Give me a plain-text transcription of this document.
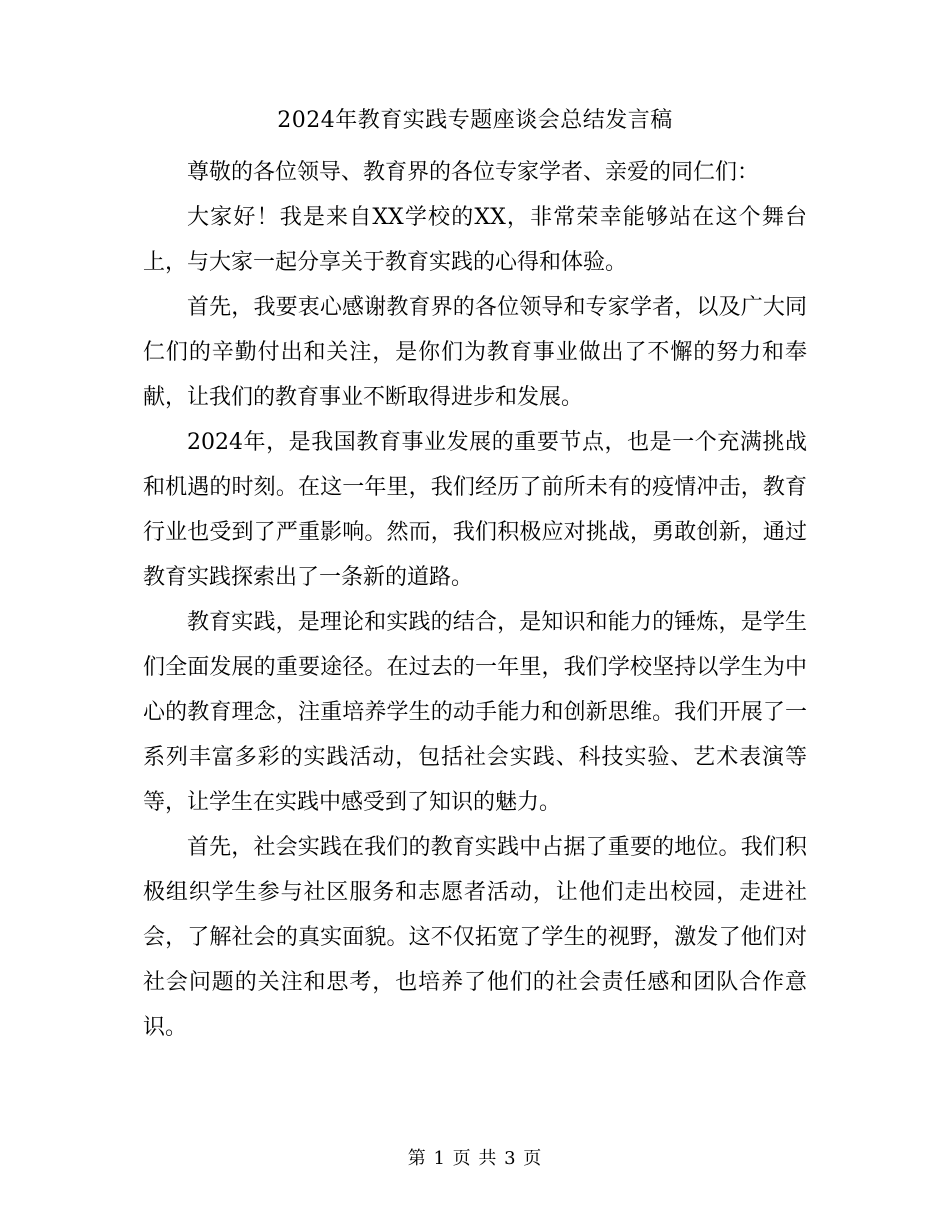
2024年教育实践专题座谈会总结发言稿

尊敬的各位领导、教育界的各位专家学者、亲爱的同仁们：

大家好！我是来自XX学校的XX，非常荣幸能够站在这个舞台上，与大家一起分享关于教育实践的心得和体验。

首先，我要衷心感谢教育界的各位领导和专家学者，以及广大同仁们的辛勤付出和关注，是你们为教育事业做出了不懈的努力和奉献，让我们的教育事业不断取得进步和发展。

2024年，是我国教育事业发展的重要节点，也是一个充满挑战和机遇的时刻。在这一年里，我们经历了前所未有的疫情冲击，教育行业也受到了严重影响。然而，我们积极应对挑战，勇敢创新，通过教育实践探索出了一条新的道路。

教育实践，是理论和实践的结合，是知识和能力的锤炼，是学生们全面发展的重要途径。在过去的一年里，我们学校坚持以学生为中心的教育理念，注重培养学生的动手能力和创新思维。我们开展了一系列丰富多彩的实践活动，包括社会实践、科技实验、艺术表演等等，让学生在实践中感受到了知识的魅力。

首先，社会实践在我们的教育实践中占据了重要的地位。我们积极组织学生参与社区服务和志愿者活动，让他们走出校园，走进社会，了解社会的真实面貌。这不仅拓宽了学生的视野，激发了他们对社会问题的关注和思考，也培养了他们的社会责任感和团队合作意识。

第 1 页 共 3 页
